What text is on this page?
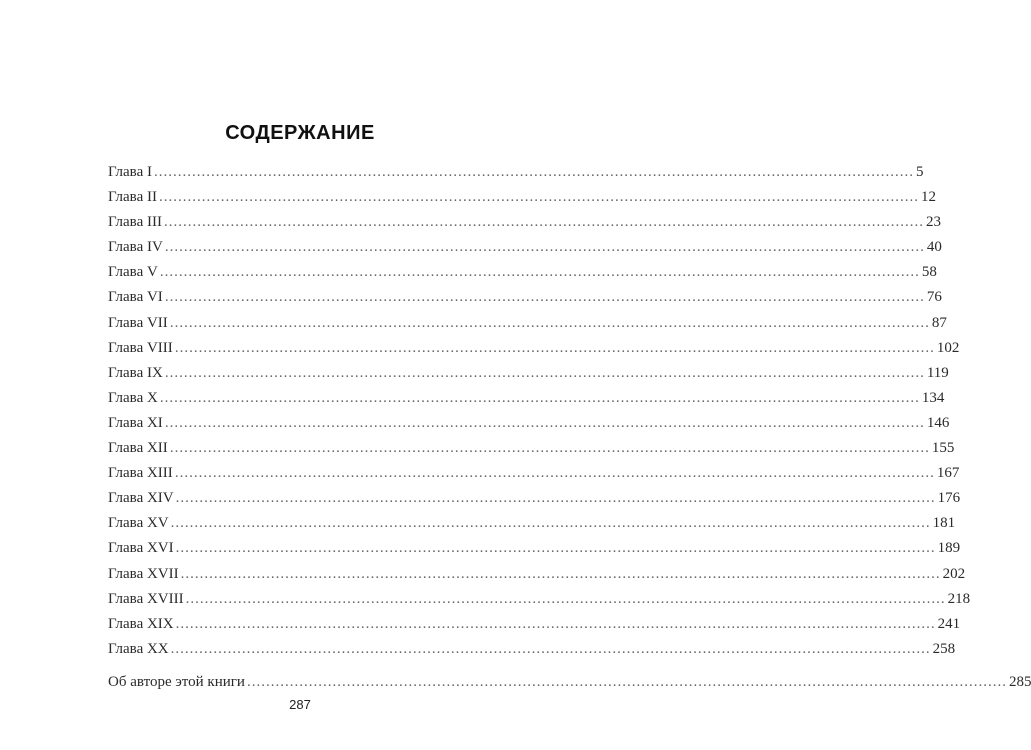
СОДЕРЖАНИЕ
Глава I ................................................................................................................................................................ 5
Глава II ................................................................................................................................................................ 12
Глава III ................................................................................................................................................................ 23
Глава IV ................................................................................................................................................................ 40
Глава V ................................................................................................................................................................ 58
Глава VI ................................................................................................................................................................ 76
Глава VII ................................................................................................................................................................ 87
Глава VIII ................................................................................................................................................................ 102
Глава IX ................................................................................................................................................................ 119
Глава X ................................................................................................................................................................ 134
Глава XI ................................................................................................................................................................ 146
Глава XII ................................................................................................................................................................ 155
Глава XIII ................................................................................................................................................................ 167
Глава XIV ................................................................................................................................................................ 176
Глава XV ................................................................................................................................................................ 181
Глава XVI ................................................................................................................................................................ 189
Глава XVII ................................................................................................................................................................ 202
Глава XVIII ................................................................................................................................................................ 218
Глава XIX ................................................................................................................................................................ 241
Глава XX ................................................................................................................................................................ 258
Об авторе этой книги ................................................................................................................................................................ 285
287
